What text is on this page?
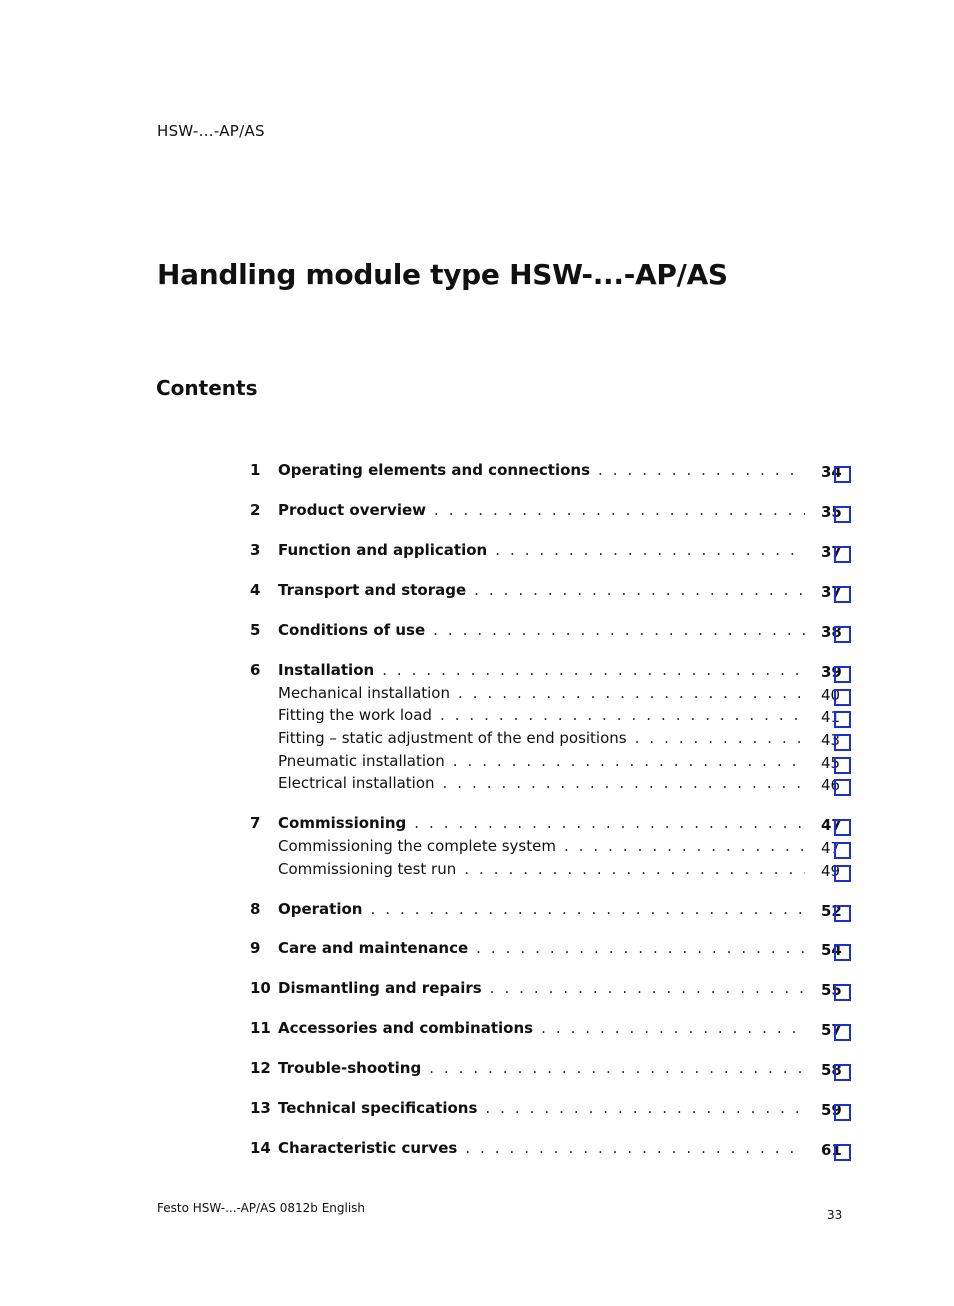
HSW-...-AP/AS
Handling module type HSW-...-AP/AS
Contents
1	Operating elements and connections . . .	34
2	Product overview . . .	35
3	Function and application . . .	37
4	Transport and storage . . .	37
5	Conditions of use . . .	38
6	Installation . . .	39
Mechanical installation . . .	40
Fitting the work load . . .	41
Fitting – static adjustment of the end positions . . .	43
Pneumatic installation . . .	45
Electrical installation . . .	46
7	Commissioning . . .	47
Commissioning the complete system . . .	47
Commissioning test run . . .	49
8	Operation . . .	52
9	Care and maintenance . . .	54
10 Dismantling and repairs . . .	55
11 Accessories and combinations . . .	57
12 Trouble-shooting . . .	58
13 Technical specifications . . .	59
14 Characteristic curves . . .	61
Festo HSW-...-AP/AS 0812b English	33
